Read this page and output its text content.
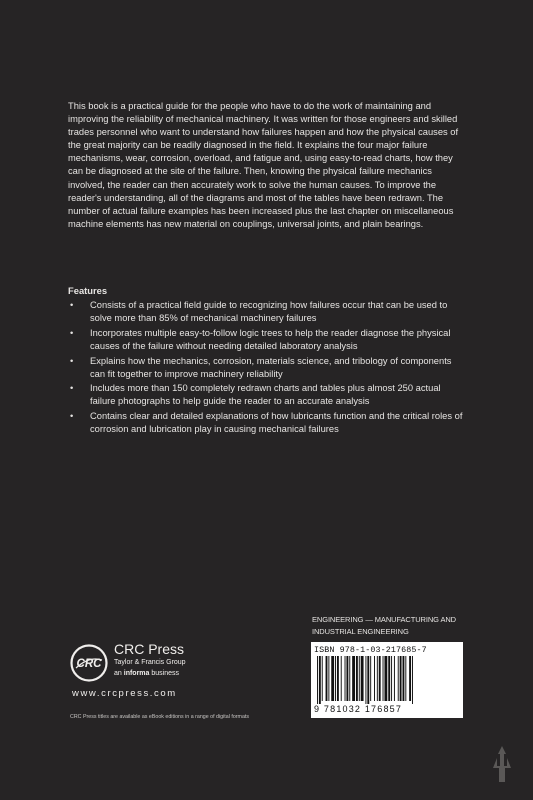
This book is a practical guide for the people who have to do the work of maintaining and improving the reliability of mechanical machinery. It was written for those engineers and skilled trades personnel who want to understand how failures happen and how the physical causes of the great majority can be readily diagnosed in the field. It explains the four major failure mechanisms, wear, corrosion, overload, and fatigue and, using easy-to-read charts, how they can be diagnosed at the site of the failure. Then, knowing the physical failure mechanics involved, the reader can then accurately work to solve the human causes. To improve the reader's understanding, all of the diagrams and most of the tables have been redrawn. The number of actual failure examples has been increased plus the last chapter on miscellaneous machine elements has new material on couplings, universal joints, and plain bearings.

Features

• Consists of a practical field guide to recognizing how failures occur that can be used to solve more than 85% of mechanical machinery failures
• Incorporates multiple easy-to-follow logic trees to help the reader diagnose the physical causes of the failure without needing detailed laboratory analysis
• Explains how the mechanics, corrosion, materials science, and tribology of components can fit together to improve machinery reliability
• Includes more than 150 completely redrawn charts and tables plus almost 250 actual failure photographs to help guide the reader to an accurate analysis
• Contains clear and detailed explanations of how lubricants function and the critical roles of corrosion and lubrication play in causing mechanical failures
ENGINEERING — MANUFACTURING AND INDUSTRIAL ENGINEERING
CRC
CRC Press
Taylor & Francis Group
an informa business
www.crcpress.com
CRC Press titles are available as eBook editions in a range of digital formats
ISBN 978-1-03-217685-7
9 781032 176857
